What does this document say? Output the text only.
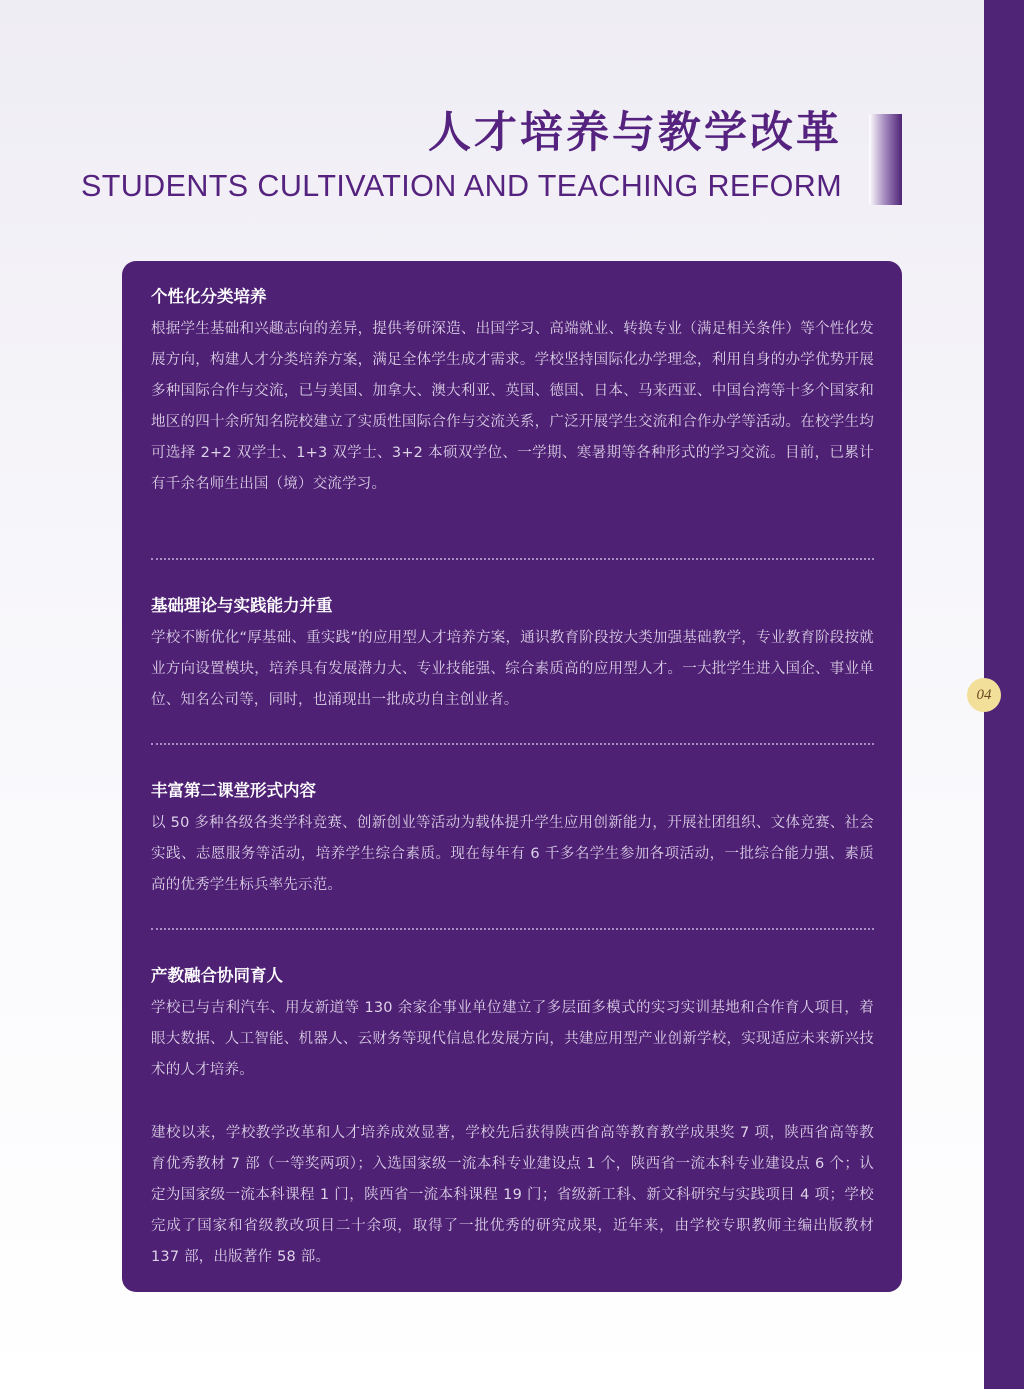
人才培养与教学改革
STUDENTS CULTIVATION AND TEACHING REFORM
04
个性化分类培养

根据学生基础和兴趣志向的差异，提供考研深造、出国学习、高端就业、转换专业（满足相关条件）等个性化发展方向，构建人才分类培养方案，满足全体学生成才需求。学校坚持国际化办学理念，利用自身的办学优势开展多种国际合作与交流，已与美国、加拿大、澳大利亚、英国、德国、日本、马来西亚、中国台湾等十多个国家和地区的四十余所知名院校建立了实质性国际合作与交流关系，广泛开展学生交流和合作办学等活动。在校学生均可选择 2+2 双学士、1+3 双学士、3+2 本硕双学位、一学期、寒暑期等各种形式的学习交流。目前，已累计有千余名师生出国（境）交流学习。

基础理论与实践能力并重

学校不断优化“厚基础、重实践”的应用型人才培养方案，通识教育阶段按大类加强基础教学，专业教育阶段按就业方向设置模块，培养具有发展潜力大、专业技能强、综合素质高的应用型人才。一大批学生进入国企、事业单位、知名公司等，同时，也涌现出一批成功自主创业者。

丰富第二课堂形式内容

以 50 多种各级各类学科竞赛、创新创业等活动为载体提升学生应用创新能力，开展社团组织、文体竞赛、社会实践、志愿服务等活动，培养学生综合素质。现在每年有 6 千多名学生参加各项活动，一批综合能力强、素质高的优秀学生标兵率先示范。

产教融合协同育人

学校已与吉利汽车、用友新道等 130 余家企事业单位建立了多层面多模式的实习实训基地和合作育人项目，着眼大数据、人工智能、机器人、云财务等现代信息化发展方向，共建应用型产业创新学校，实现适应未来新兴技术的人才培养。

建校以来，学校教学改革和人才培养成效显著，学校先后获得陕西省高等教育教学成果奖 7 项，陕西省高等教育优秀教材 7 部（一等奖两项）；入选国家级一流本科专业建设点 1 个，陕西省一流本科专业建设点 6 个；认定为国家级一流本科课程 1 门，陕西省一流本科课程 19 门；省级新工科、新文科研究与实践项目 4 项；学校完成了国家和省级教改项目二十余项，取得了一批优秀的研究成果，近年来，由学校专职教师主编出版教材 137 部，出版著作 58 部。
